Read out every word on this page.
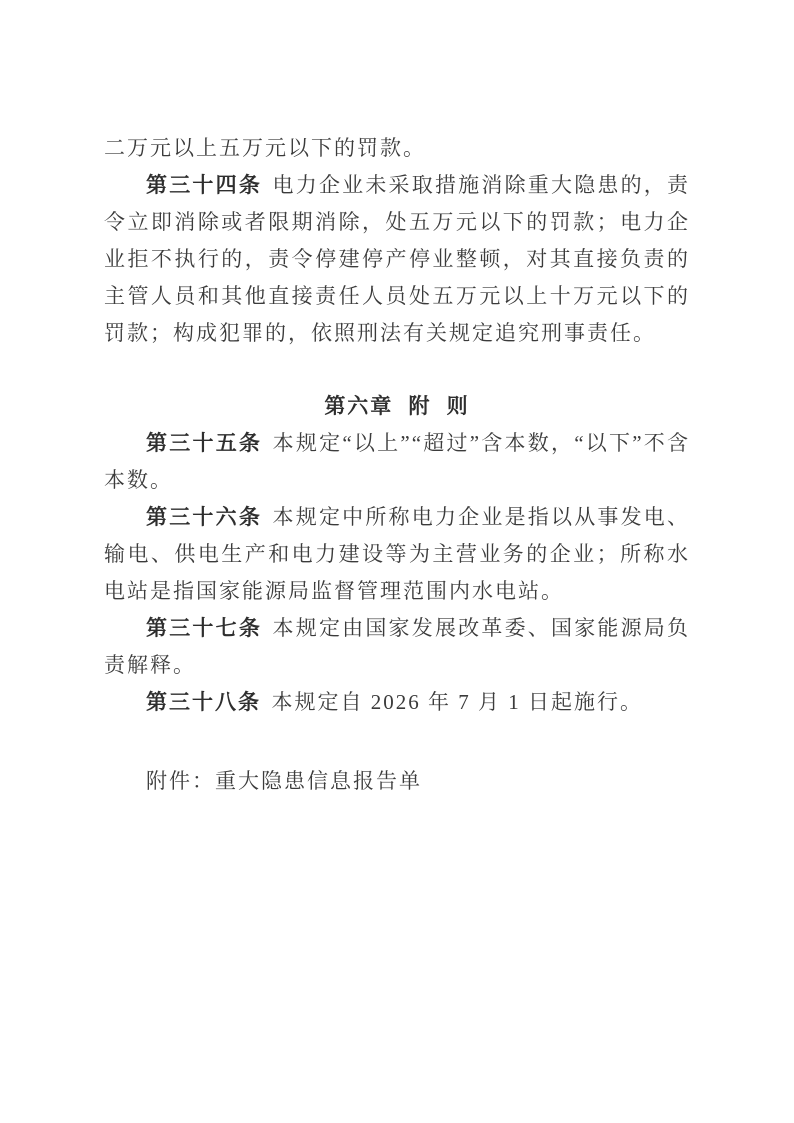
二万元以上五万元以下的罚款。

第三十四条 电力企业未采取措施消除重大隐患的，责令立即消除或者限期消除，处五万元以下的罚款；电力企业拒不执行的，责令停建停产停业整顿，对其直接负责的主管人员和其他直接责任人员处五万元以上十万元以下的罚款；构成犯罪的，依照刑法有关规定追究刑事责任。

第六章 附 则

第三十五条 本规定“以上”“超过”含本数，“以下”不含本数。

第三十六条 本规定中所称电力企业是指以从事发电、输电、供电生产和电力建设等为主营业务的企业；所称水电站是指国家能源局监督管理范围内水电站。

第三十七条 本规定由国家发展改革委、国家能源局负责解释。

第三十八条 本规定自 2026 年 7 月 1 日起施行。

附件：重大隐患信息报告单
